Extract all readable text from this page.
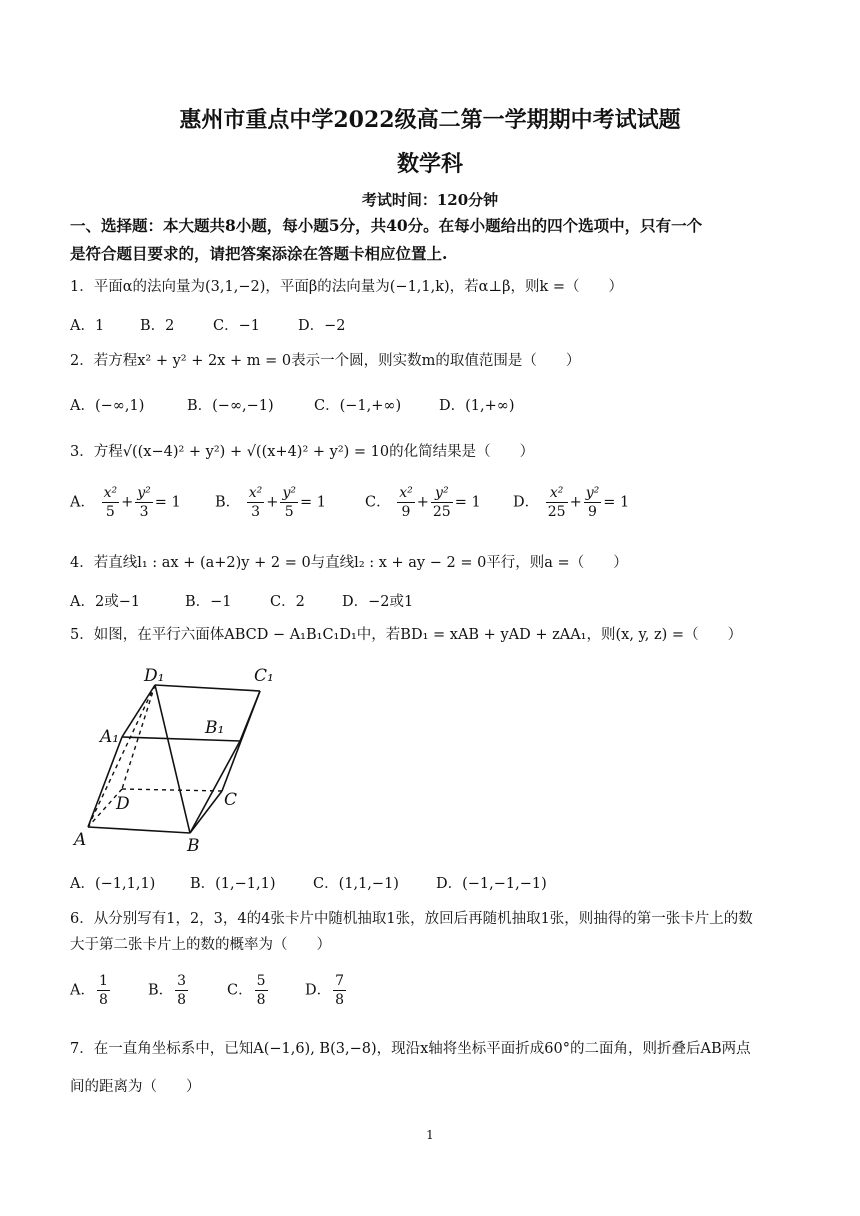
惠州市重点中学2022级高二第一学期期中考试试题
数学科
考试时间：120分钟
一、选择题：本大题共8小题，每小题5分，共40分。在每小题给出的四个选项中，只有一个
是符合题目要求的，请把答案添涂在答题卡相应位置上.
1．平面α的法向量为(3,1,−2)，平面β的法向量为(−1,1,k)，若α⊥β，则k =（　　）
A．1 B．2	C．−1	D．−2
2．若方程x² + y² + 2x + m = 0表示一个圆，则实数m的取值范围是（　　）
A．(−∞,1)	B．(−∞,−1)	C．(−1,+∞)	D．(1,+∞)
3．方程√((x−4)² + y²) + √((x+4)² + y²) = 10的化简结果是（　　）
A． $\frac{\text{x²}}{5} + \frac{\text{y²}}{3} = 1$ B． $\frac{\text{x²}}{3} + \frac{\text{y²}}{5} = 1$	C． $\frac{\text{x²}}{9} + \frac{\text{y²}}{25} = 1$ D． $\frac{\text{x²}}{25} + \frac{\text{y²}}{9} = 1$
4．若直线l₁ : ax + (a+2)y + 2 = 0与直线l₂ : x + ay − 2 = 0平行，则a =（　　）
A．2或−1	B．−1	C．2	D．−2或1
5．如图，在平行六面体ABCD − A₁B₁C₁D₁中，若BD₁ = xAB + yAD + zAA₁，则(x, y, z) =（　　）
D₁	C₁
A₁	B₁
D	C
A	B
A．(−1,1,1) B．(1,−1,1)	C．(1,1,−1)	D．(−1,−1,−1)
6．从分别写有1，2，3，4的4张卡片中随机抽取1张，放回后再随机抽取1张，则抽得的第一张卡片上的数
大于第二张卡片上的数的概率为（　　）
A． $\frac{1}{8}$	B． $\frac{3}{8}$	C． $\frac{5}{8}$	D． $\frac{7}{8}$
7．在一直角坐标系中，已知A(−1,6), B(3,−8)，现沿x轴将坐标平面折成60°的二面角，则折叠后AB两点
间的距离为（　　）
1
